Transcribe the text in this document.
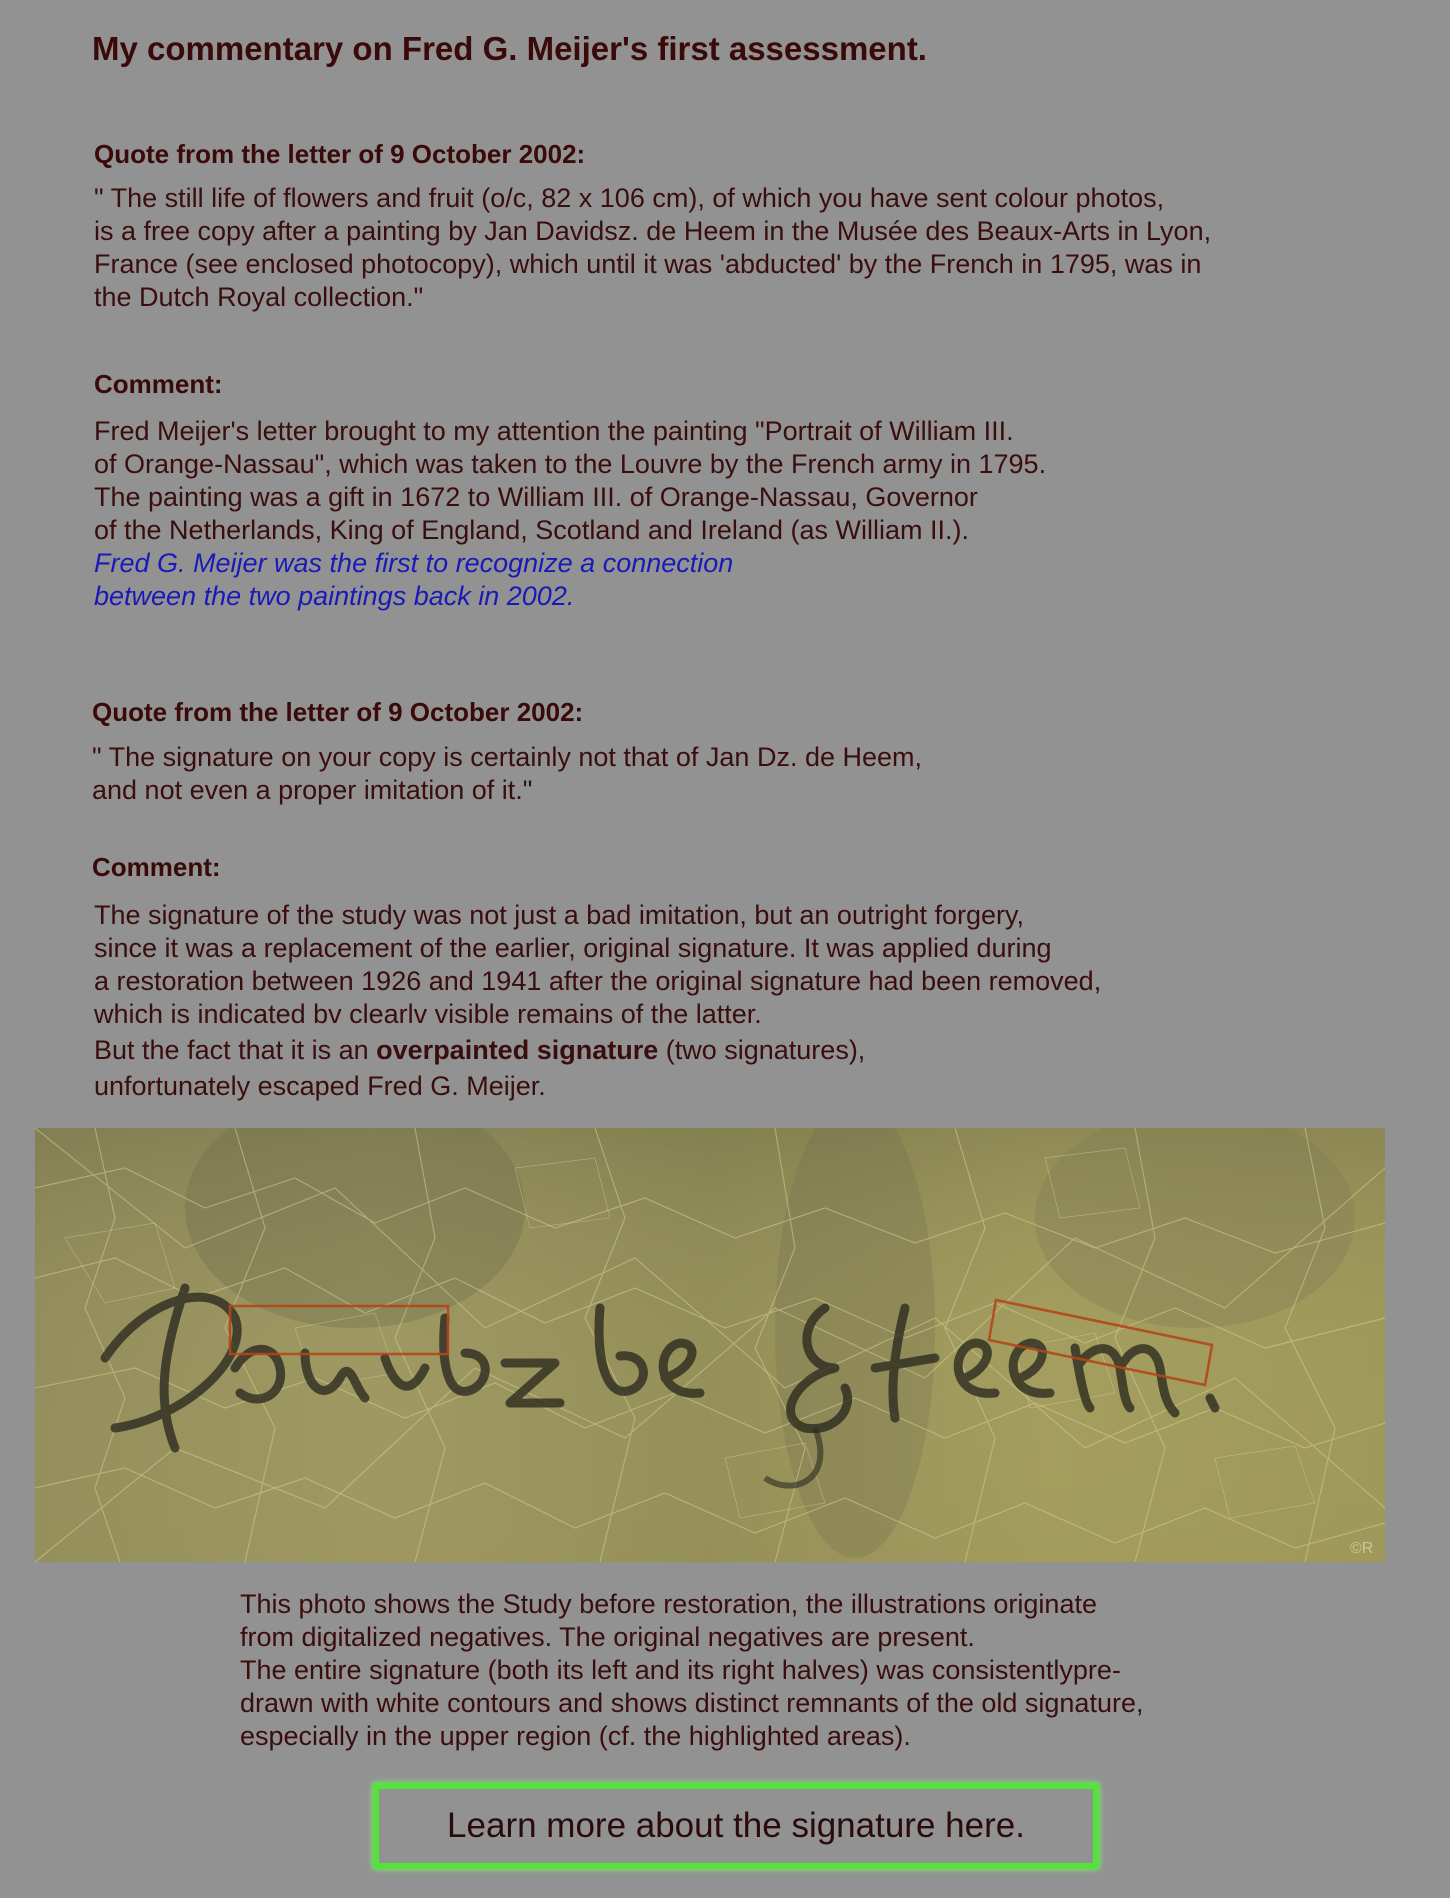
My commentary on Fred G. Meijer's first assessment.
Quote from the letter of 9 October 2002:
" The still life of flowers and fruit (o/c, 82 x 106 cm), of which you have sent colour photos,
is a free copy after a painting by Jan Davidsz. de Heem in the Musée des Beaux-Arts in Lyon,
France (see enclosed photocopy), which until it was 'abducted' by the French in 1795, was in
the Dutch Royal collection."
Comment:
Fred Meijer's letter brought to my attention the painting "Portrait of William III.
of Orange-Nassau", which was taken to the Louvre by the French army in 1795.
The painting was a gift in 1672 to William III. of Orange-Nassau, Governor
of the Netherlands, King of England, Scotland and Ireland (as William II.).
Fred G. Meijer was the first to recognize a connection
between the two paintings back in 2002.
Quote from the letter of 9 October 2002:
" The signature on your copy is certainly not that of Jan Dz. de Heem,
and not even a proper imitation of it."
Comment:
The signature of the study was not just a bad imitation, but an outright forgery,
since it was a replacement of the earlier, original signature. It was applied during
a restoration between 1926 and 1941 after the original signature had been removed,
which is indicated bv clearlv visible remains of the latter.
But the fact that it is an overpainted signature (two signatures),
unfortunately escaped Fred G. Meijer.
©R
This photo shows the Study before restoration, the illustrations originate
from digitalized negatives. The original negatives are present.
The entire signature (both its left and its right halves) was consistentlypre-
drawn with white contours and shows distinct remnants of the old signature,
especially in the upper region (cf. the highlighted areas).
Learn more about the signature here.
